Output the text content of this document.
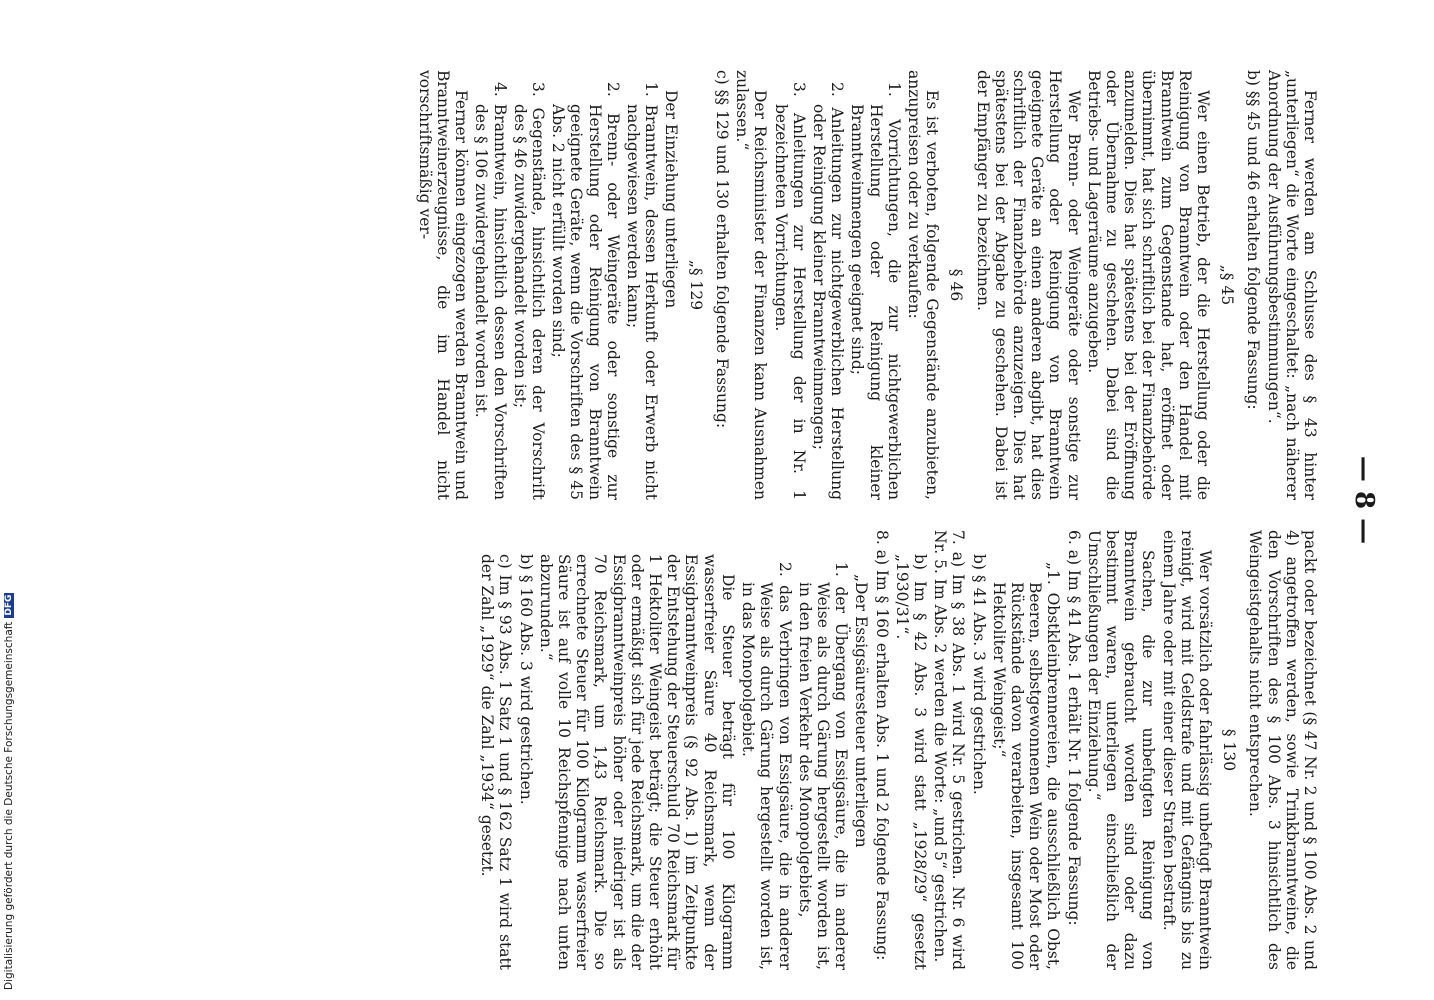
— 8 —

Ferner werden am Schlusse des § 43 hinter „unterliegen“ die Worte eingeschaltet: „nach näherer Anordnung der Ausführungsbestimmungen“.

b) §§ 45 und 46 erhalten folgende Fassung:

„§ 45

Wer einen Betrieb, der die Herstellung oder die Reinigung von Branntwein oder den Handel mit Branntwein zum Gegenstande hat, eröffnet oder übernimmt, hat sich schriftlich bei der Finanzbehörde anzumelden. Dies hat spätestens bei der Eröffnung oder Übernahme zu geschehen. Dabei sind die Betriebs- und Lagerräume anzugeben.

Wer Brenn- oder Weingeräte oder sonstige zur Herstellung oder Reinigung von Branntwein geeignete Geräte an einen anderen abgibt, hat dies schriftlich der Finanzbehörde anzuzeigen. Dies hat spätestens bei der Abgabe zu geschehen. Dabei ist der Empfänger zu bezeichnen.

§ 46

Es ist verboten, folgende Gegenstände anzubieten, anzupreisen oder zu verkaufen:

1. Vorrichtungen, die zur nichtgewerblichen Herstellung oder Reinigung kleiner Branntweinmengen geeignet sind;

2. Anleitungen zur nichtgewerblichen Herstellung oder Reinigung kleiner Branntweinmengen;

3. Anleitungen zur Herstellung der in Nr. 1 bezeichneten Vorrichtungen.

Der Reichsminister der Finanzen kann Ausnahmen zulassen.“

c) §§ 129 und 130 erhalten folgende Fassung:

„§ 129

Der Einziehung unterliegen

1. Branntwein, dessen Herkunft oder Erwerb nicht nachgewiesen werden kann;

2. Brenn- oder Weingeräte oder sonstige zur Herstellung oder Reinigung von Branntwein geeignete Geräte, wenn die Vorschriften des § 45 Abs. 2 nicht erfüllt worden sind;

3. Gegenstände, hinsichtlich deren der Vorschrift des § 46 zuwidergehandelt worden ist;

4. Branntwein, hinsichtlich dessen den Vorschriften des § 106 zuwidergehandelt worden ist.

Ferner können eingezogen werden Branntwein und Branntweinerzeugnisse, die im Handel nicht vorschriftsmäßig ver-

packt oder bezeichnet (§ 47 Nr. 2 und § 100 Abs. 2 und 4) angetroffen werden, sowie Trinkbranntweine, die den Vorschriften des § 100 Abs. 3 hinsichtlich des Weingeistgehalts nicht entsprechen.

§ 130

Wer vorsätzlich oder fahrlässig unbefugt Branntwein reinigt, wird mit Geldstrafe und mit Gefängnis bis zu einem Jahre oder mit einer dieser Strafen bestraft.

Sachen, die zur unbefugten Reinigung von Branntwein gebraucht worden sind oder dazu bestimmt waren, unterliegen einschließlich der Umschließungen der Einziehung.“

6. a) Im § 41 Abs. 1 erhält Nr. 1 folgende Fassung:

„1. Obstkleinbrennereien, die ausschließlich Obst, Beeren, selbstgewonnenen Wein oder Most oder Rückstände davon verarbeiten, insgesamt 100 Hektoliter Weingeist;“

b) § 41 Abs. 3 wird gestrichen.

7. a) Im § 38 Abs. 1 wird Nr. 5 gestrichen. Nr. 6 wird Nr. 5. Im Abs. 2 werden die Worte: „und 5“ gestrichen.

b) Im § 42 Abs. 3 wird statt „1928/29“ gesetzt „1930/31“.

8. a) Im § 160 erhalten Abs. 1 und 2 folgende Fassung:

„Der Essigsäuresteuer unterliegen

1. der Übergang von Essigsäure, die in anderer Weise als durch Gärung hergestellt worden ist, in den freien Verkehr des Monopolgebiets,

2. das Verbringen von Essigsäure, die in anderer Weise als durch Gärung hergestellt worden ist, in das Monopolgebiet.

Die Steuer beträgt für 100 Kilogramm wasserfreier Säure 40 Reichsmark, wenn der Essigbranntweinpreis (§ 92 Abs. 1) im Zeitpunkte der Entstehung der Steuerschuld 70 Reichsmark für 1 Hektoliter Weingeist beträgt; die Steuer erhöht oder ermäßigt sich für jede Reichsmark, um die der Essigbranntweinpreis höher oder niedriger ist als 70 Reichsmark, um 1,43 Reichsmark. Die so errechnete Steuer für 100 Kilogramm wasserfreier Säure ist auf volle 10 Reichspfennige nach unten abzurunden.“

b) § 160 Abs. 3 wird gestrichen.

c) Im § 93 Abs. 1 Satz 1 und § 162 Satz 1 wird statt der Zahl „1929“ die Zahl „1934“ gesetzt.

Digitalisierung gefördert durch die Deutsche Forschungsgemeinschaft
DFG
